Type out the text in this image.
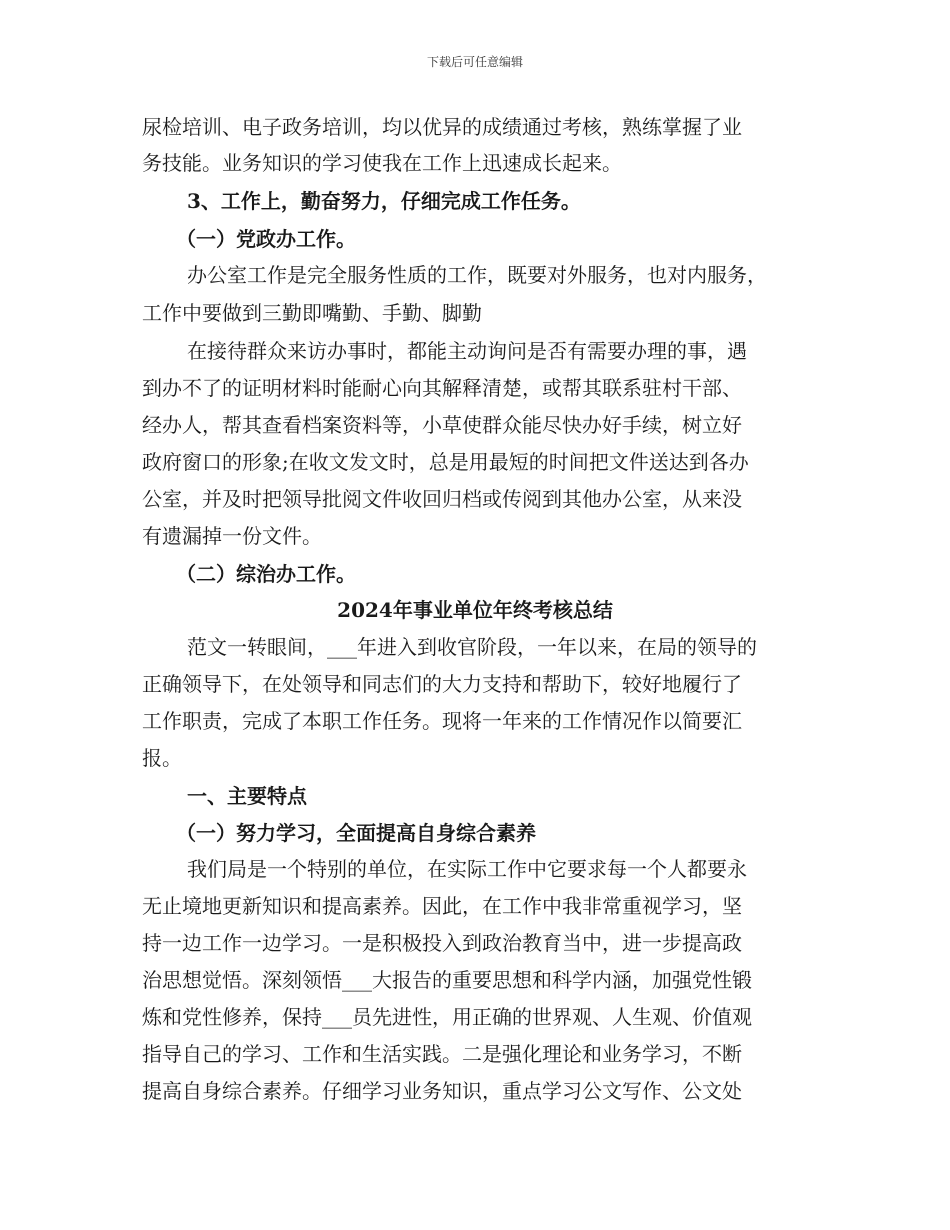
下载后可任意编辑
尿检培训、电子政务培训，均以优异的成绩通过考核，熟练掌握了业
务技能。业务知识的学习使我在工作上迅速成长起来。
3、工作上，勤奋努力，仔细完成工作任务。
（一）党政办工作。
办公室工作是完全服务性质的工作，既要对外服务，也对内服务，
工作中要做到三勤即嘴勤、手勤、脚勤
在接待群众来访办事时，都能主动询问是否有需要办理的事，遇
到办不了的证明材料时能耐心向其解释清楚，或帮其联系驻村干部、
经办人，帮其查看档案资料等，小草使群众能尽快办好手续，树立好
政府窗口的形象;在收文发文时，总是用最短的时间把文件送达到各办
公室，并及时把领导批阅文件收回归档或传阅到其他办公室，从来没
有遗漏掉一份文件。
（二）综治办工作。
2024年事业单位年终考核总结
范文一转眼间，___年进入到收官阶段，一年以来，在局的领导的
正确领导下，在处领导和同志们的大力支持和帮助下，较好地履行了
工作职责，完成了本职工作任务。现将一年来的工作情况作以简要汇
报。
一、主要特点
（一）努力学习，全面提高自身综合素养
我们局是一个特别的单位，在实际工作中它要求每一个人都要永
无止境地更新知识和提高素养。因此，在工作中我非常重视学习，坚
持一边工作一边学习。一是积极投入到政治教育当中，进一步提高政
治思想觉悟。深刻领悟___大报告的重要思想和科学内涵，加强党性锻
炼和党性修养，保持___员先进性，用正确的世界观、人生观、价值观
指导自己的学习、工作和生活实践。二是强化理论和业务学习，不断
提高自身综合素养。仔细学习业务知识，重点学习公文写作、公文处
